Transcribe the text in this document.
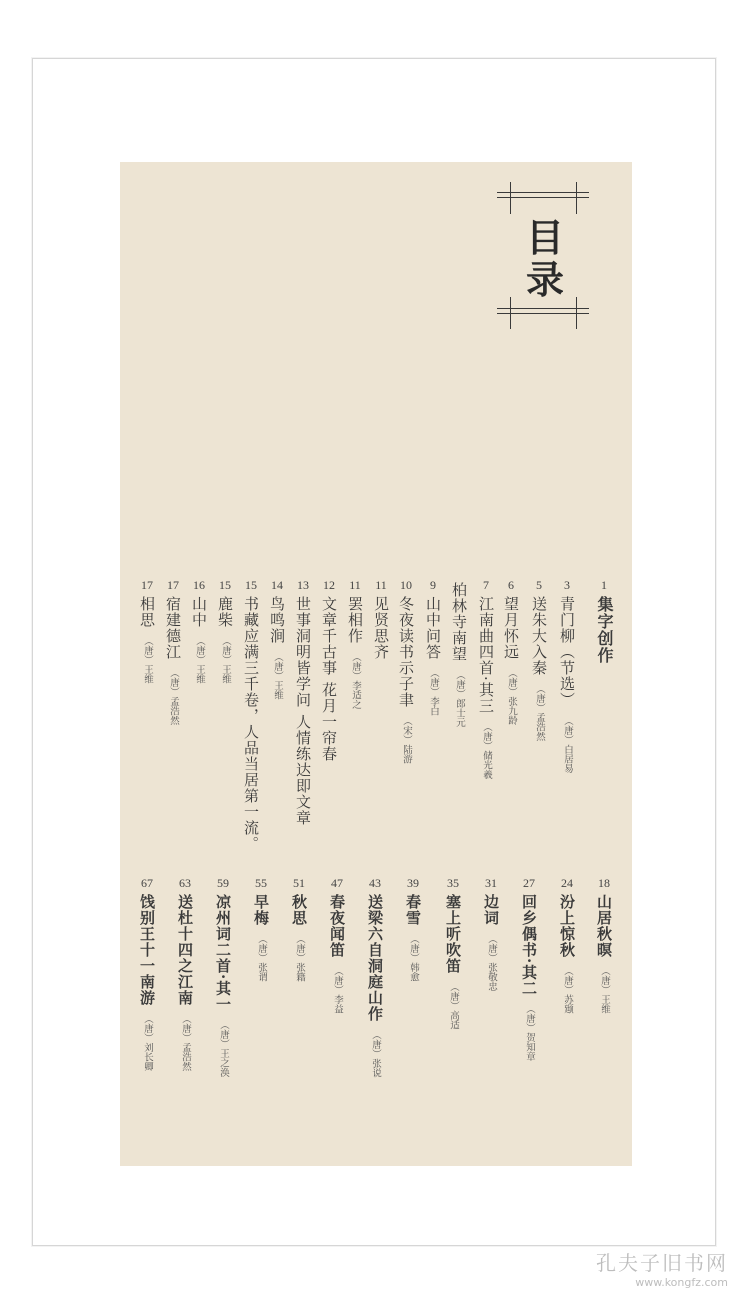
目
录
1
集字创作
3
青门柳（节选）
（唐）白居易
5
送朱大入秦
（唐）孟浩然
6
望月怀远
（唐）张九龄
7
江南曲四首·其三
（唐）储光羲
柏林寺南望
（唐）郎士元
9
山中问答
（唐）李白
10
冬夜读书示子聿
（宋）陆游
11
见贤思齐
11
罢相作
（唐）李适之
12
文章千古事 花月一帘春
13
世事洞明皆学问 人情练达即文章
14
鸟鸣涧
（唐）王维
15
书藏应满三千卷，人品当居第一流。
15
鹿柴
（唐）王维
16
山中
（唐）王维
17
宿建德江
（唐）孟浩然
17
相思
（唐）王维
18
山居秋暝
（唐）王维
24
汾上惊秋
（唐）苏颋
27
回乡偶书·其二
（唐）贺知章
31
边词
（唐）张敬忠
35
塞上听吹笛
（唐）高适
39
春雪
（唐）韩愈
43
送梁六自洞庭山作
（唐）张说
47
春夜闻笛
（唐）李益
51
秋思
（唐）张籍
55
早梅
（唐）张谓
59
凉州词二首·其一
（唐）王之涣
63
送杜十四之江南
（唐）孟浩然
67
饯别王十一南游
（唐）刘长卿
孔夫子旧书网
www.kongfz.com
